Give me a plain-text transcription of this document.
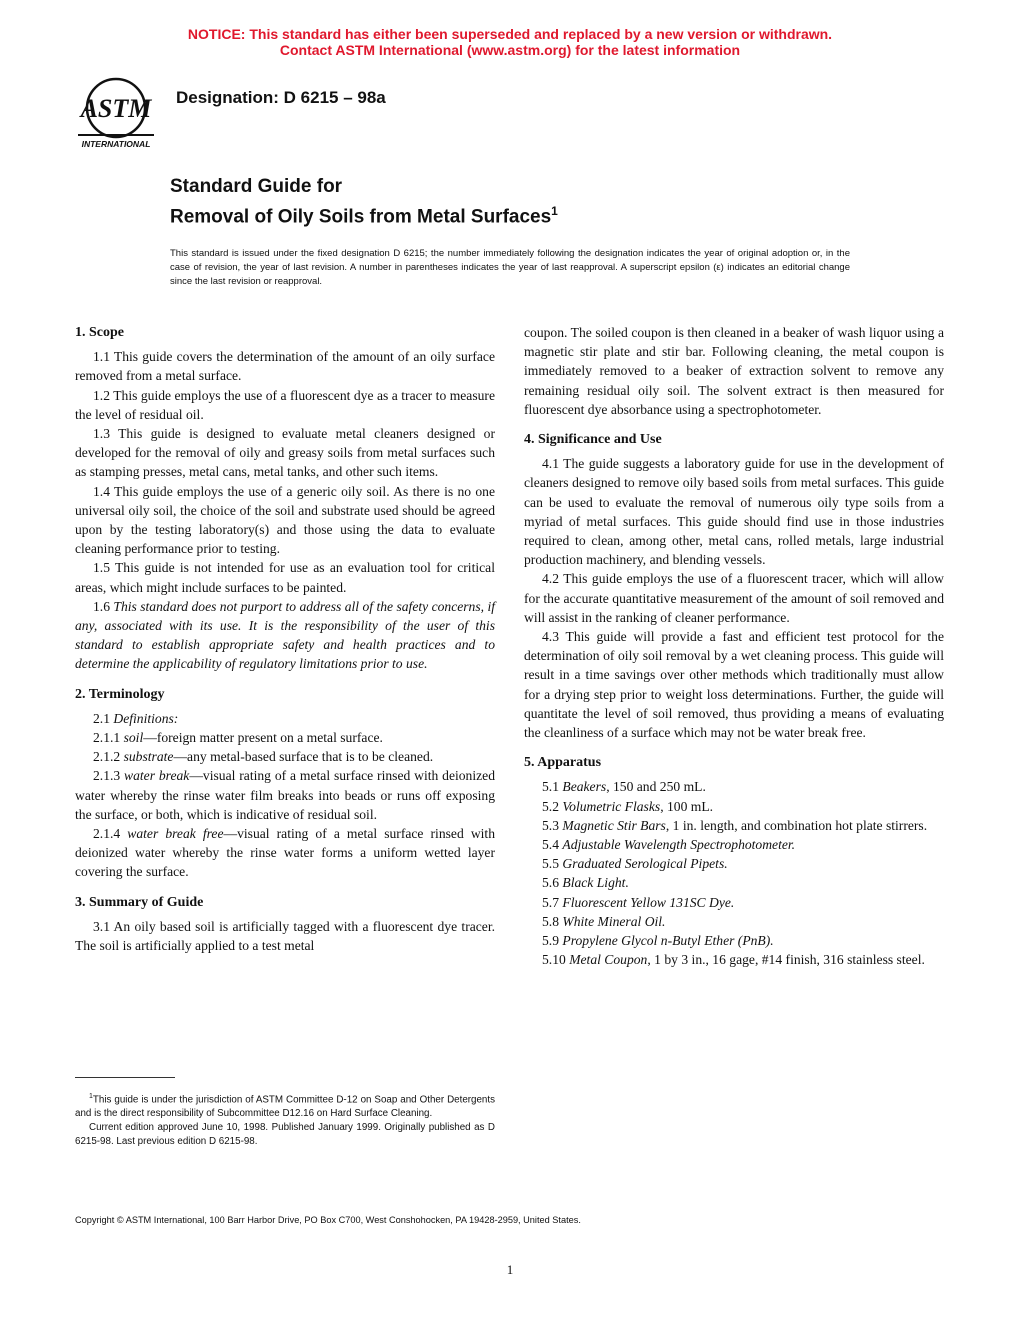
NOTICE: This standard has either been superseded and replaced by a new version or withdrawn.
Contact ASTM International (www.astm.org) for the latest information
ASTM
INTERNATIONAL
Designation: D 6215 – 98a
Standard Guide for
Removal of Oily Soils from Metal Surfaces$^1$
This standard is issued under the fixed designation D 6215; the number immediately following the designation indicates the year of original adoption or, in the case of revision, the year of last revision. A number in parentheses indicates the year of last reapproval. A superscript epsilon (ε) indicates an editorial change since the last revision or reapproval.
1. Scope

1.1 This guide covers the determination of the amount of an oily surface removed from a metal surface.

1.2 This guide employs the use of a fluorescent dye as a tracer to measure the level of residual oil.

1.3 This guide is designed to evaluate metal cleaners designed or developed for the removal of oily and greasy soils from metal surfaces such as stamping presses, metal cans, metal tanks, and other such items.

1.4 This guide employs the use of a generic oily soil. As there is no one universal oily soil, the choice of the soil and substrate used should be agreed upon by the testing laboratory(s) and those using the data to evaluate cleaning performance prior to testing.

1.5 This guide is not intended for use as an evaluation tool for critical areas, which might include surfaces to be painted.

1.6 This standard does not purport to address all of the safety concerns, if any, associated with its use. It is the responsibility of the user of this standard to establish appropriate safety and health practices and to determine the applicability of regulatory limitations prior to use.

2. Terminology

2.1 Definitions:

2.1.1 soil—foreign matter present on a metal surface.

2.1.2 substrate—any metal-based surface that is to be cleaned.

2.1.3 water break—visual rating of a metal surface rinsed with deionized water whereby the rinse water film breaks into beads or runs off exposing the surface, or both, which is indicative of residual soil.

2.1.4 water break free—visual rating of a metal surface rinsed with deionized water whereby the rinse water forms a uniform wetted layer covering the surface.

3. Summary of Guide

3.1 An oily based soil is artificially tagged with a fluorescent dye tracer. The soil is artificially applied to a test metal

coupon. The soiled coupon is then cleaned in a beaker of wash liquor using a magnetic stir plate and stir bar. Following cleaning, the metal coupon is immediately removed to a beaker of extraction solvent to remove any remaining residual oily soil. The solvent extract is then measured for fluorescent dye absorbance using a spectrophotometer.

4. Significance and Use

4.1 The guide suggests a laboratory guide for use in the development of cleaners designed to remove oily based soils from metal surfaces. This guide can be used to evaluate the removal of numerous oily type soils from a myriad of metal surfaces. This guide should find use in those industries required to clean, among other, metal cans, rolled metals, large industrial production machinery, and blending vessels.

4.2 This guide employs the use of a fluorescent tracer, which will allow for the accurate quantitative measurement of the amount of soil removed and will assist in the ranking of cleaner performance.

4.3 This guide will provide a fast and efficient test protocol for the determination of oily soil removal by a wet cleaning process. This guide will result in a time savings over other methods which traditionally must allow for a drying step prior to weight loss determinations. Further, the guide will quantitate the level of soil removed, thus providing a means of evaluating the cleanliness of a surface which may not be water break free.

5. Apparatus

5.1 Beakers, 150 and 250 mL.

5.2 Volumetric Flasks, 100 mL.

5.3 Magnetic Stir Bars, 1 in. length, and combination hot plate stirrers.

5.4 Adjustable Wavelength Spectrophotometer.

5.5 Graduated Serological Pipets.

5.6 Black Light.

5.7 Fluorescent Yellow 131SC Dye.

5.8 White Mineral Oil.

5.9 Propylene Glycol n-Butyl Ether (PnB).

5.10 Metal Coupon, 1 by 3 in., 16 gage, #14 finish, 316 stainless steel.

$^1$This guide is under the jurisdiction of ASTM Committee D-12 on Soap and Other Detergents and is the direct responsibility of Subcommittee D12.16 on Hard Surface Cleaning.

Current edition approved June 10, 1998. Published January 1999. Originally published as D 6215-98. Last previous edition D 6215-98.

Copyright © ASTM International, 100 Barr Harbor Drive, PO Box C700, West Conshohocken, PA 19428-2959, United States.
1
